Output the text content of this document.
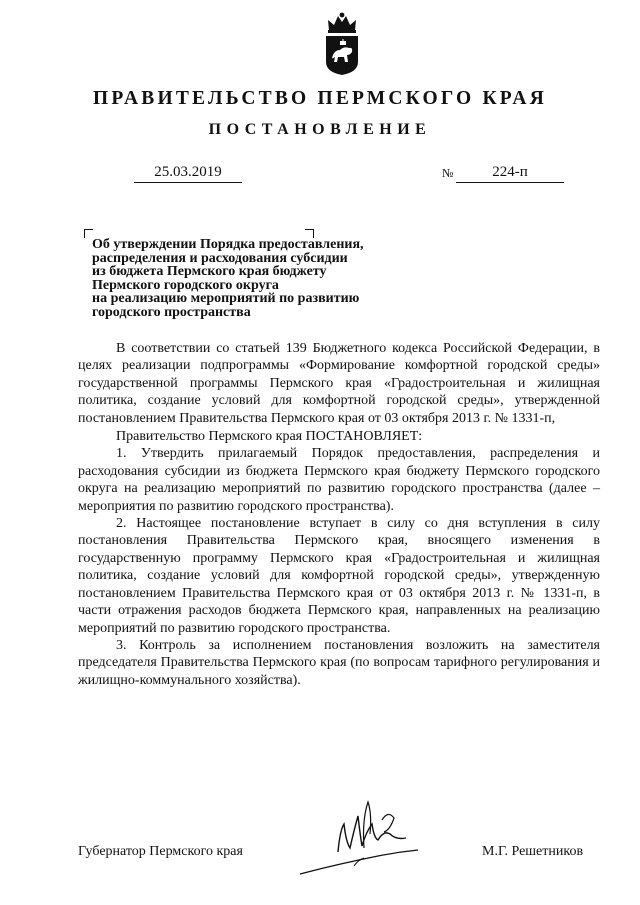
ПРАВИТЕЛЬСТВО ПЕРМСКОГО КРАЯ
ПОСТАНОВЛЕНИЕ
25.03.2019	№	224-п
Об утверждении Порядка предоставления,
распределения и расходования субсидии
из бюджета Пермского края бюджету
Пермского городского округа
на реализацию мероприятий по развитию
городского пространства

В соответствии со статьей 139 Бюджетного кодекса Российской Федерации, в целях реализации подпрограммы «Формирование комфортной городской среды» государственной программы Пермского края «Градостроительная и жилищная политика, создание условий для комфортной городской среды», утвержденной постановлением Правительства Пермского края от 03 октября 2013 г. № 1331-п,

Правительство Пермского края ПОСТАНОВЛЯЕТ:

1. Утвердить прилагаемый Порядок предоставления, распределения и расходования субсидии из бюджета Пермского края бюджету Пермского городского округа на реализацию мероприятий по развитию городского пространства (далее – мероприятия по развитию городского пространства).

2. Настоящее постановление вступает в силу со дня вступления в силу постановления Правительства Пермского края, вносящего изменения в государственную программу Пермского края «Градостроительная и жилищная политика, создание условий для комфортной городской среды», утвержденную постановлением Правительства Пермского края от 03 октября 2013 г. № 1331-п, в части отражения расходов бюджета Пермского края, направленных на реализацию мероприятий по развитию городского пространства.

3. Контроль за исполнением постановления возложить на заместителя председателя Правительства Пермского края (по вопросам тарифного регулирования и жилищно-коммунального хозяйства).

Губернатор Пермского края	М.Г. Решетников
